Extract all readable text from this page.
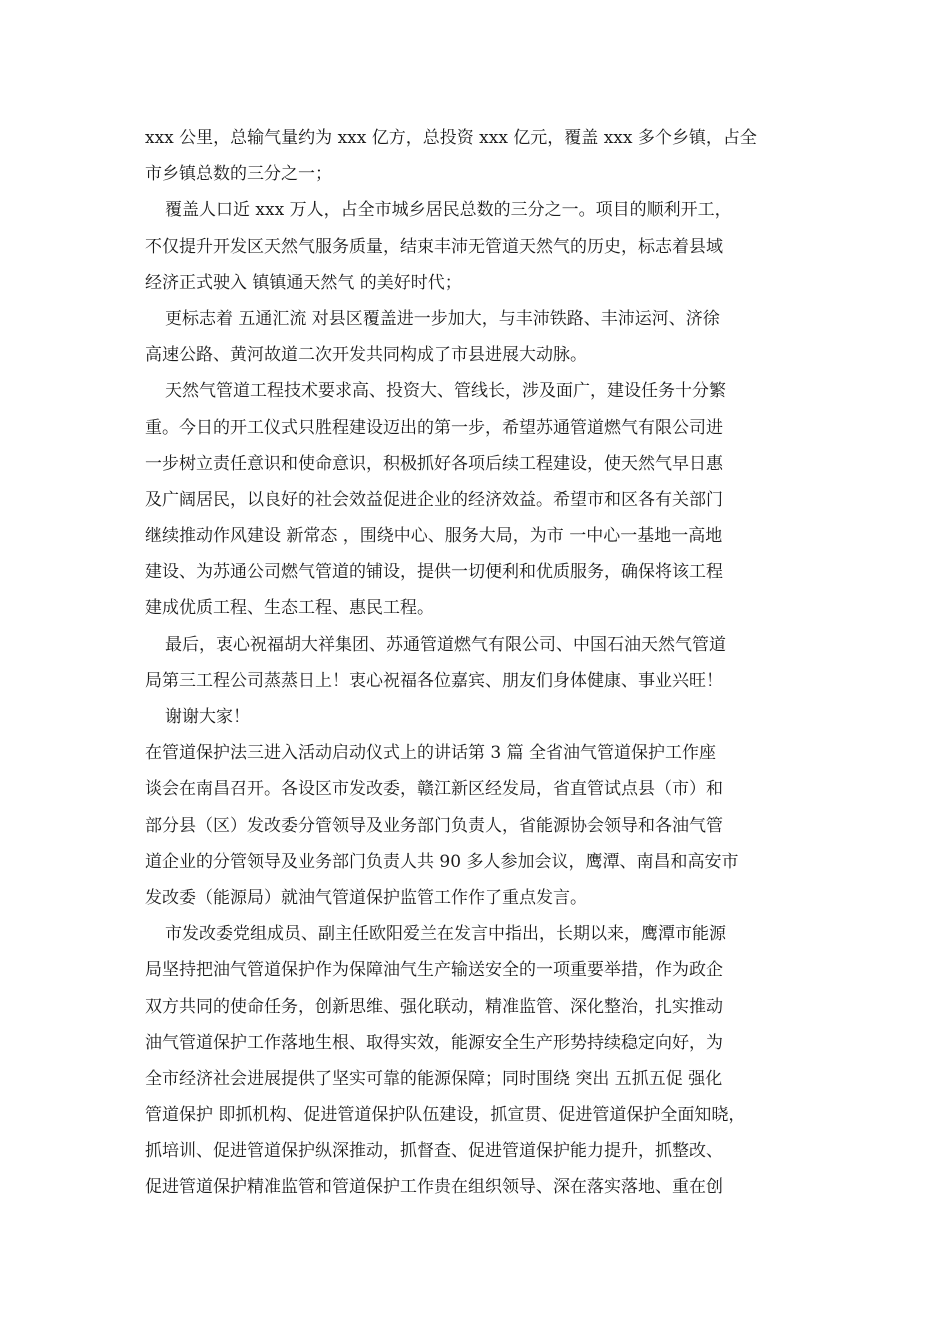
xxx 公里，总输气量约为 xxx 亿方，总投资 xxx 亿元，覆盖 xxx 多个乡镇，占全
市乡镇总数的三分之一；
覆盖人口近 xxx 万人，占全市城乡居民总数的三分之一。项目的顺利开工，
不仅提升开发区天然气服务质量，结束丰沛无管道天然气的历史，标志着县域
经济正式驶入 镇镇通天然气 的美好时代；
更标志着 五通汇流 对县区覆盖进一步加大，与丰沛铁路、丰沛运河、济徐
高速公路、黄河故道二次开发共同构成了市县进展大动脉。
天然气管道工程技术要求高、投资大、管线长，涉及面广，建设任务十分繁
重。今日的开工仪式只胜程建设迈出的第一步，希望苏通管道燃气有限公司进
一步树立责任意识和使命意识，积极抓好各项后续工程建设，使天然气早日惠
及广阔居民，以良好的社会效益促进企业的经济效益。希望市和区各有关部门
继续推动作风建设 新常态 ，围绕中心、服务大局，为市 一中心一基地一高地
建设、为苏通公司燃气管道的铺设，提供一切便利和优质服务，确保将该工程
建成优质工程、生态工程、惠民工程。
最后，衷心祝福胡大祥集团、苏通管道燃气有限公司、中国石油天然气管道
局第三工程公司蒸蒸日上！衷心祝福各位嘉宾、朋友们身体健康、事业兴旺！
谢谢大家！
在管道保护法三进入活动启动仪式上的讲话第 3 篇 全省油气管道保护工作座
谈会在南昌召开。各设区市发改委，赣江新区经发局，省直管试点县（市）和
部分县（区）发改委分管领导及业务部门负责人，省能源协会领导和各油气管
道企业的分管领导及业务部门负责人共 90 多人参加会议，鹰潭、南昌和高安市
发改委（能源局）就油气管道保护监管工作作了重点发言。
市发改委党组成员、副主任欧阳爱兰在发言中指出，长期以来，鹰潭市能源
局坚持把油气管道保护作为保障油气生产输送安全的一项重要举措，作为政企
双方共同的使命任务，创新思维、强化联动，精准监管、深化整治，扎实推动
油气管道保护工作落地生根、取得实效，能源安全生产形势持续稳定向好，为
全市经济社会进展提供了坚实可靠的能源保障；同时围绕 突出 五抓五促 强化
管道保护 即抓机构、促进管道保护队伍建设，抓宣贯、促进管道保护全面知晓，
抓培训、促进管道保护纵深推动，抓督查、促进管道保护能力提升，抓整改、
促进管道保护精准监管和管道保护工作贵在组织领导、深在落实落地、重在创
